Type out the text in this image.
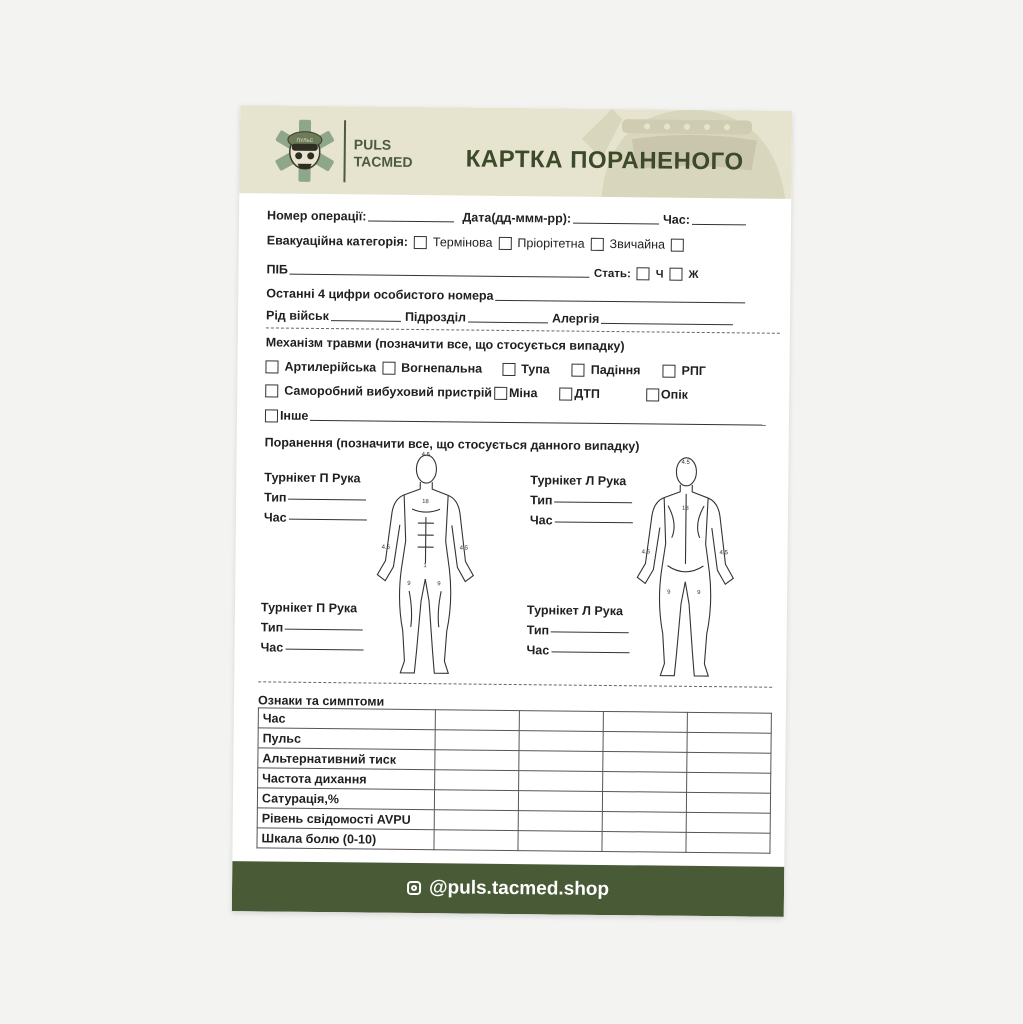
ПУЛЬС	PULS
TACMED КАРТКА ПОРАНЕНОГО
Номер операції:	Дата(дд-ммм-рр):	Час:
Евакуаційна категорія: Термінова Пріорітетна Звичайна
ПІБ	Стать: Ч Ж
Останні 4 цифри особистого номера
Рід військ	Підрозділ	Алергія
Механізм травми (позначити все, що стосується випадку)
Артилерійська Вогнепальна	Тупа	Падіння	РПГ
Саморобний вибуховий пристрій Міна	ДТП	Опік
Інше
Поранення (позначити все, що стосується данного випадку)
Турнікет П Рука
Тип
Час
Турнікет Л Рука
Тип
Час
Турнікет П Рука
Тип
Час
Турнікет Л Рука
Тип
Час
4.5
18
4.5	4.5
1
9	9
4.5
18
4.5	4.5
9	9
Ознаки та симптоми
Час				
Пульс				
Альтернативний тиск				
Частота дихання				
Сатурація,%				
Рівень свідомості AVPU				
Шкала болю (0-10)				
@puls.tacmed.shop
